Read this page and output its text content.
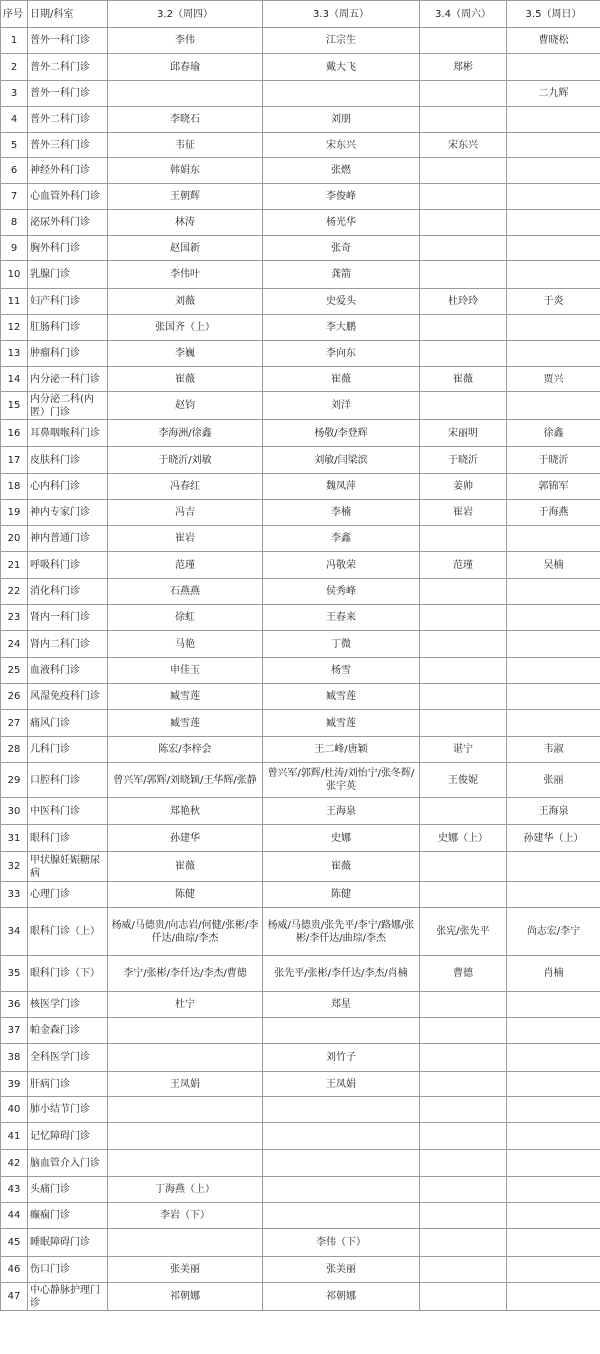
序号	日期/科室	3.2（周四）	3.3（周五）	3.4（周六）	3.5（周日）
1	普外一科门诊	李伟	江宗生		曹晓松
2	普外二科门诊	邱春瑜	戴大飞	郑彬	
3	普外一科门诊				二九辉
4	普外二科门诊	李晓石	刘朋		
5	普外三科门诊	韦征	宋东兴	宋东兴	
6	神经外科门诊	韩娟东	张燃		
7	心血管外科门诊	王朝辉	李俊峰		
8	泌尿外科门诊	林涛	杨光华		
9	胸外科门诊	赵国新	张奇		
10	乳腺门诊	李伟叶	龚箭		
11	妇产科门诊	刘薇	史爱头	杜玲玲	于炎
12	肛肠科门诊	张国齐（上）	李大鹏		
13	肿瘤科门诊	李巍	李向东		
14	内分泌一科门诊	崔薇	崔薇	崔薇	贾兴
15	内分泌二科(内匿）门诊	赵钧	刘洋		
16	耳鼻咽喉科门诊	李海洲/徐鑫	杨敬/李登辉	宋丽明	徐鑫
17	皮肤科门诊	于晓沂/刘敏	刘敏/闫梁滨	于晓沂	于晓沂
18	心内科门诊	冯春红	魏凤萍	姜帅	郭锦军
19	神内专家门诊	冯吉	李楠	崔岩	于海燕
20	神内普通门诊	崔岩	李鑫		
21	呼吸科门诊	范瑾	冯敬荣	范瑾	吴楠
22	消化科门诊	石燕燕	侯秀峰		
23	肾内一科门诊	徐虹	王春来		
24	肾内二科门诊	马艳	丁微		
25	血液科门诊	申佳玉	杨雪		
26	风湿免疫科门诊	臧雪莲	臧雪莲		
27	痛风门诊	臧雪莲	臧雪莲		
28	儿科门诊	陈宏/李梓会	王二峰/唐颖	谌宁	韦淑
29	口腔科门诊	曾兴军/郭辉/刘晓颖/王华辉/张静	曾兴军/郭辉/杜涛/刘怡宁/张冬辉/张宇英	王俊妮	张丽
30	中医科门诊	郑艳秋	王海泉		王海泉
31	眼科门诊	孙建华	史娜	史娜（上）	孙建华（上）
32	甲状腺妊娠糖尿病	崔薇	崔薇		
33	心理门诊	陈健	陈健		
34	眼科门诊（上）	杨威/马德贵/向志岩/何健/张彬/李仟达/曲琮/李杰	杨威/马德贵/张先平/李宁/路娜/张彬/李仟达/曲琮/李杰	张宪/张先平	尚志宏/李宁
35	眼科门诊（下）	李宁/张彬/李仟达/李杰/曹德	张先平/张彬/李仟达/李杰/肖楠	曹德	肖楠
36	核医学门诊	杜宁	郑星		
37	帕金森门诊				
38	全科医学门诊		刘竹子		
39	肝病门诊	王凤娟	王凤娟		
40	肺小结节门诊				
41	记忆障碍门诊				
42	脑血管介入门诊				
43	头痛门诊	丁海燕（上）			
44	癫痫门诊	李岩（下）			
45	睡眠障碍门诊		李伟（下）		
46	伤口门诊	张美丽	张美丽		
47	中心静脉护理门诊	祁朝娜	祁朝娜		
